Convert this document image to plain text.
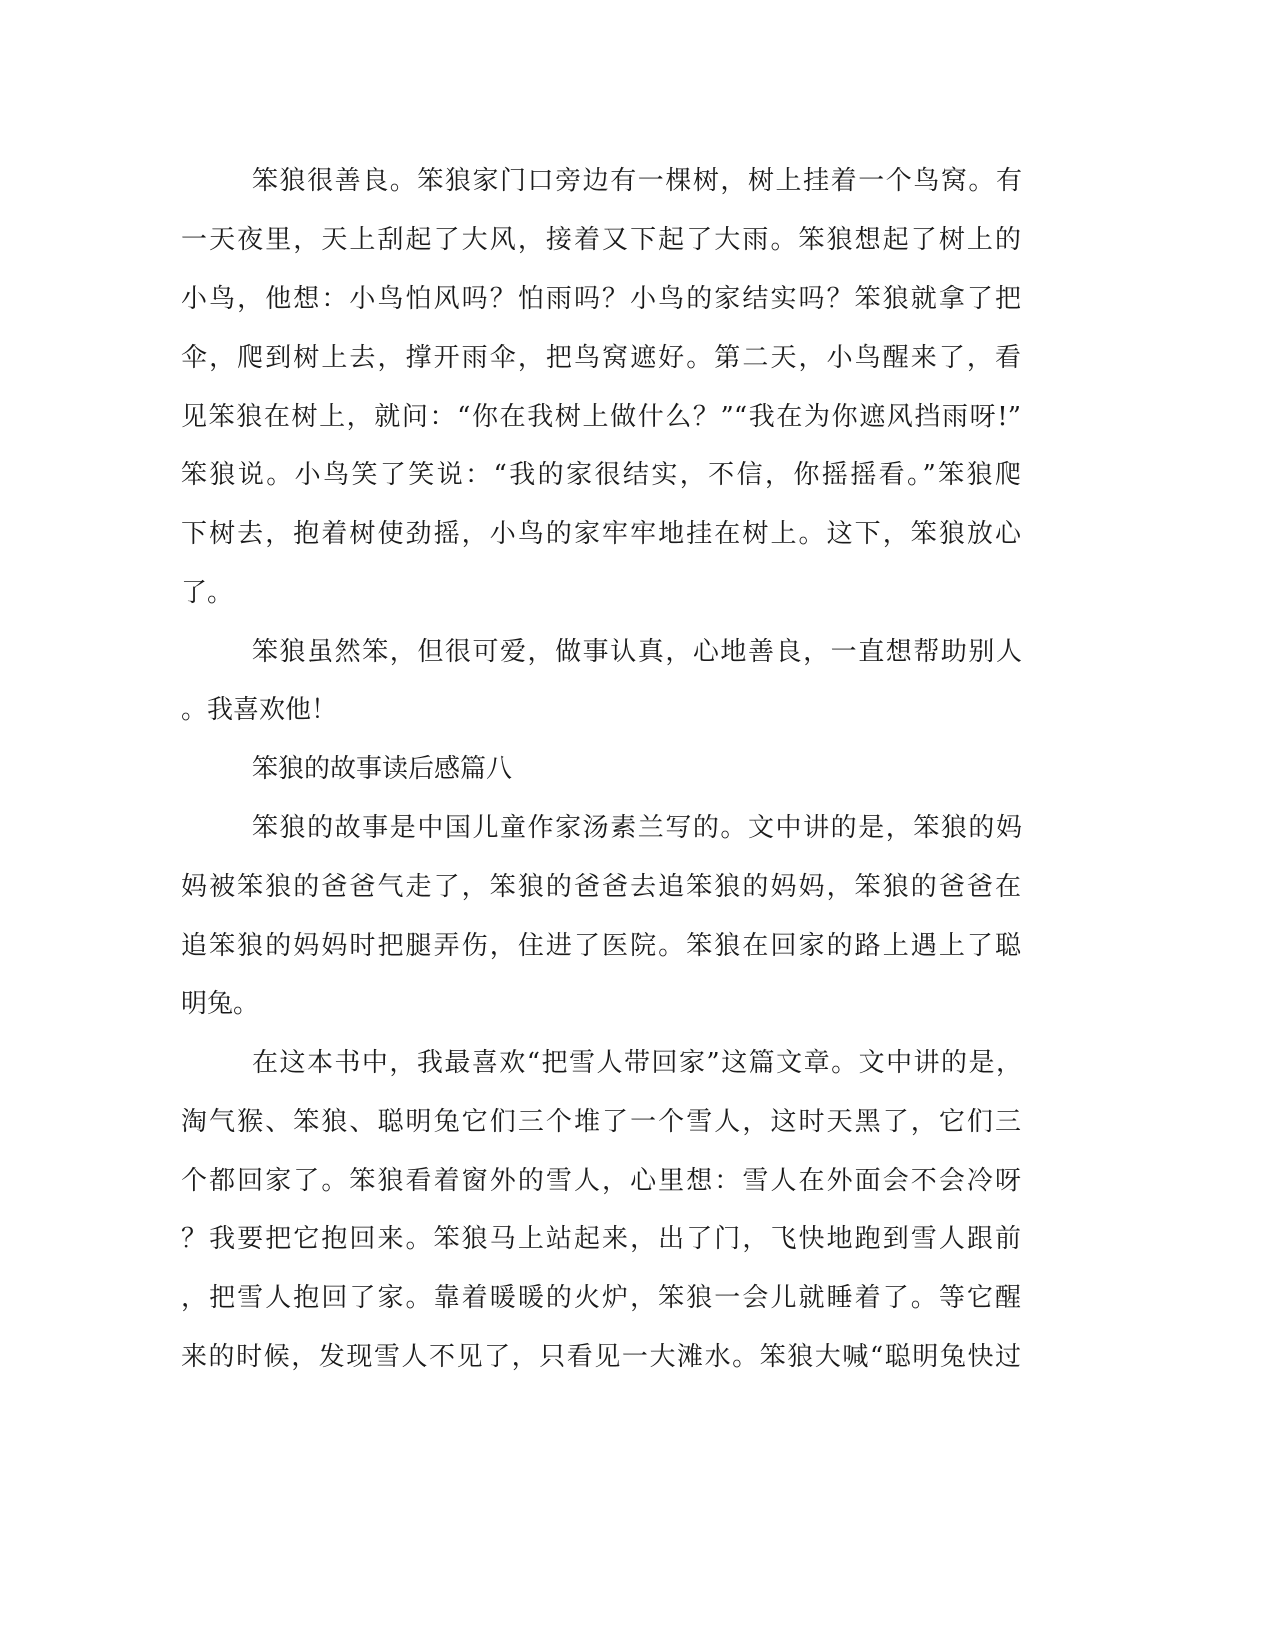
笨狼很善良。笨狼家门口旁边有一棵树，树上挂着一个鸟窝。有
一天夜里，天上刮起了大风，接着又下起了大雨。笨狼想起了树上的
小鸟，他想：小鸟怕风吗？怕雨吗？小鸟的家结实吗？笨狼就拿了把
伞，爬到树上去，撑开雨伞，把鸟窝遮好。第二天，小鸟醒来了，看
见笨狼在树上，就问：“你在我树上做什么？”“我在为你遮风挡雨呀!”
笨狼说。小鸟笑了笑说：“我的家很结实，不信，你摇摇看。”笨狼爬
下树去，抱着树使劲摇，小鸟的家牢牢地挂在树上。这下，笨狼放心
了。
笨狼虽然笨，但很可爱，做事认真，心地善良，一直想帮助别人
。我喜欢他！
笨狼的故事读后感篇八
笨狼的故事是中国儿童作家汤素兰写的。文中讲的是，笨狼的妈
妈被笨狼的爸爸气走了，笨狼的爸爸去追笨狼的妈妈，笨狼的爸爸在
追笨狼的妈妈时把腿弄伤，住进了医院。笨狼在回家的路上遇上了聪
明兔。
在这本书中，我最喜欢“把雪人带回家”这篇文章。文中讲的是，
淘气猴、笨狼、聪明兔它们三个堆了一个雪人，这时天黑了，它们三
个都回家了。笨狼看着窗外的雪人，心里想：雪人在外面会不会冷呀
？我要把它抱回来。笨狼马上站起来，出了门，飞快地跑到雪人跟前
，把雪人抱回了家。靠着暖暖的火炉，笨狼一会儿就睡着了。等它醒
来的时候，发现雪人不见了，只看见一大滩水。笨狼大喊“聪明兔快过
